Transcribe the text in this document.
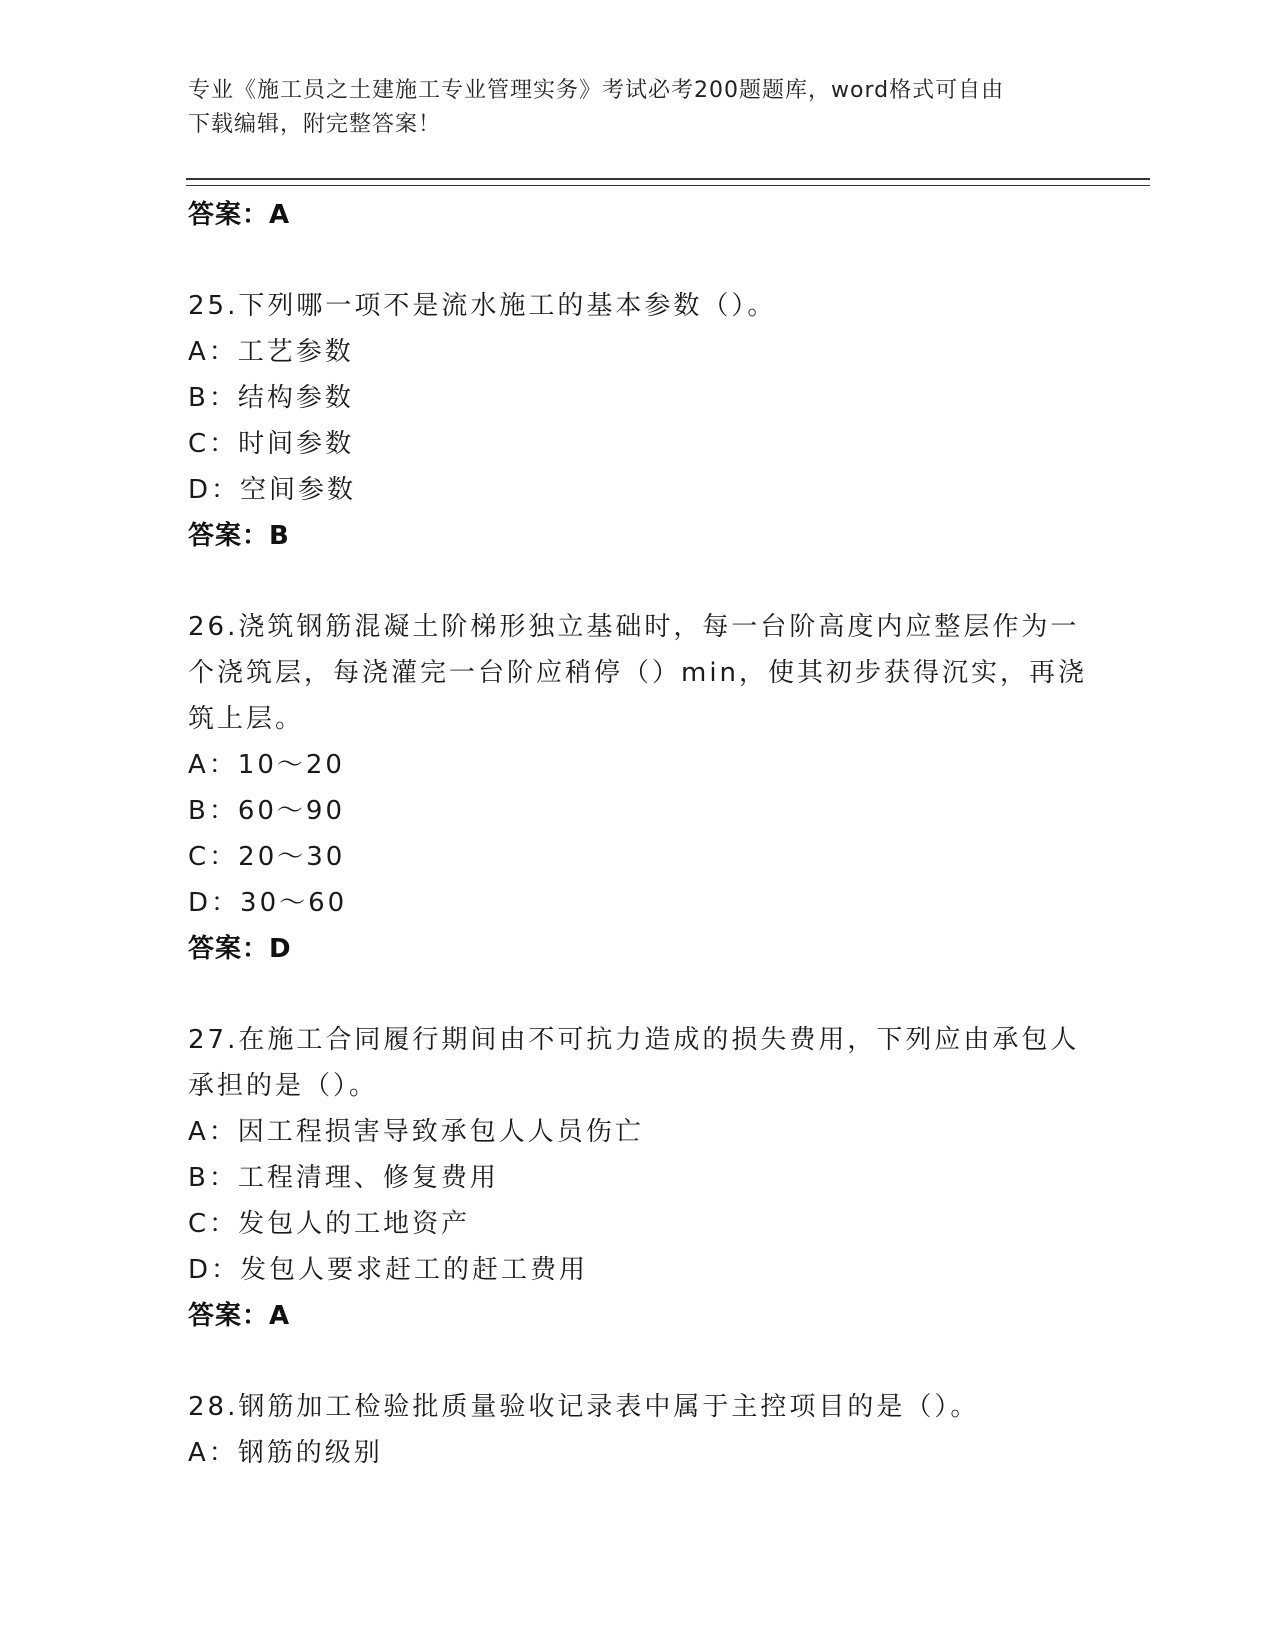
专业《施工员之土建施工专业管理实务》考试必考200题题库，word格式可自由
下载编辑，附完整答案！
答案：A
25.下列哪一项不是流水施工的基本参数（）。
A：工艺参数
B：结构参数
C：时间参数
D：空间参数
答案：B
26.浇筑钢筋混凝土阶梯形独立基础时，每一台阶高度内应整层作为一
个浇筑层，每浇灌完一台阶应稍停（）min，使其初步获得沉实，再浇
筑上层。
A：10～20
B：60～90
C：20～30
D：30～60
答案：D
27.在施工合同履行期间由不可抗力造成的损失费用，下列应由承包人
承担的是（）。
A：因工程损害导致承包人人员伤亡
B：工程清理、修复费用
C：发包人的工地资产
D：发包人要求赶工的赶工费用
答案：A
28.钢筋加工检验批质量验收记录表中属于主控项目的是（）。
A：钢筋的级别
